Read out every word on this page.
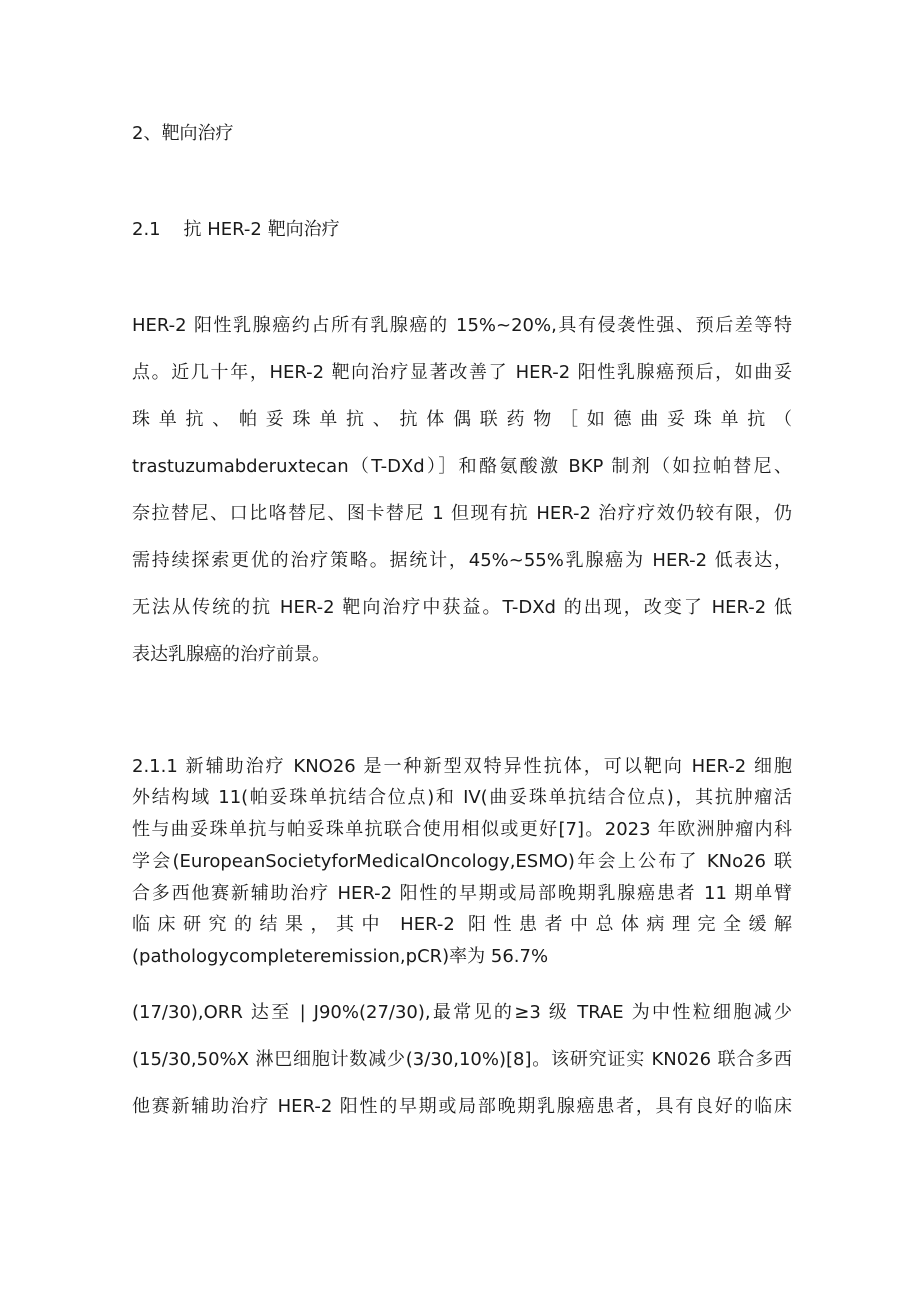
2、靶向治疗
2.1    抗 HER-2 靶向治疗
HER-2 阳性乳腺癌约占所有乳腺癌的 15%~20%,具有侵袭性强、预后差等特
点。近几十年，HER-2 靶向治疗显著改善了 HER-2 阳性乳腺癌预后，如曲妥
珠单抗、帕妥珠单抗、抗体偶联药物［如德曲妥珠单抗（
trastuzumabderuxtecan（T-DXd）］和酪氨酸激 BKP 制剂（如拉帕替尼、
奈拉替尼、口比咯替尼、图卡替尼 1 但现有抗 HER-2 治疗疗效仍较有限，仍
需持续探索更优的治疗策略。据统计，45%~55%乳腺癌为 HER-2 低表达，
无法从传统的抗 HER-2 靶向治疗中获益。T-DXd 的出现，改变了 HER-2 低
表达乳腺癌的治疗前景。
2.1.1 新辅助治疗 KNO26 是一种新型双特异性抗体，可以靶向 HER-2 细胞
外结构域 11(帕妥珠单抗结合位点)和 IV(曲妥珠单抗结合位点)，其抗肿瘤活
性与曲妥珠单抗与帕妥珠单抗联合使用相似或更好[7]。2023 年欧洲肿瘤内科
学会(EuropeanSocietyforMedicalOncology,ESMO)年会上公布了 KNo26 联
合多西他赛新辅助治疗 HER-2 阳性的早期或局部晚期乳腺癌患者 11 期单臂
临床研究的结果，其中 HER-2 阳性患者中总体病理完全缓解
(pathologycompleteremission,pCR)率为 56.7%
(17/30),ORR 达至 | J90%(27/30),最常见的≥3 级 TRAE 为中性粒细胞减少
(15/30,50%X 淋巴细胞计数减少(3/30,10%)[8]。该研究证实 KN026 联合多西
他赛新辅助治疗 HER-2 阳性的早期或局部晚期乳腺癌患者，具有良好的临床
